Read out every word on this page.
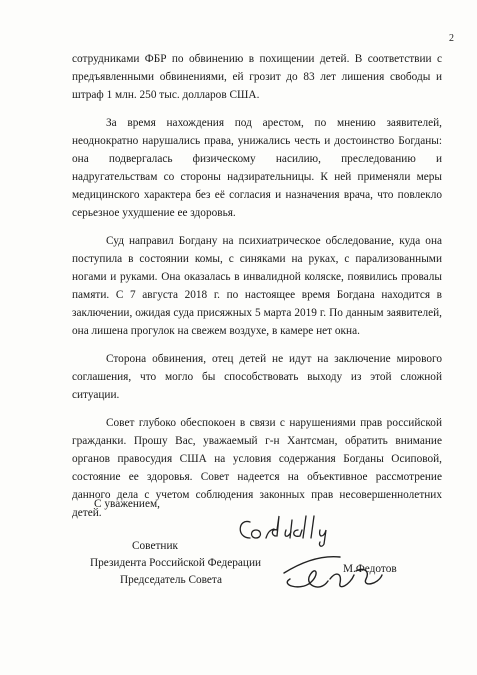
2

сотрудниками ФБР по обвинению в похищении детей. В соответствии с предъявленными обвинениями, ей грозит до 83 лет лишения свободы и штраф 1 млн. 250 тыс. долларов США.

За время нахождения под арестом, по мнению заявителей, неоднократно нарушались права, унижались честь и достоинство Богданы: она подвергалась физическому насилию, преследованию и надругательствам со стороны надзирательницы. К ней применяли меры медицинского характера без её согласия и назначения врача, что повлекло серьезное ухудшение ее здоровья.

Суд направил Богдану на психиатрическое обследование, куда она поступила в состоянии комы, с синяками на руках, с парализованными ногами и руками. Она оказалась в инвалидной коляске, появились провалы памяти. С 7 августа 2018 г. по настоящее время Богдана находится в заключении, ожидая суда присяжных 5 марта 2019 г. По данным заявителей, она лишена прогулок на свежем воздухе, в камере нет окна.

Сторона обвинения, отец детей не идут на заключение мирового соглашения, что могло бы способствовать выходу из этой сложной ситуации.

Совет глубоко обеспокоен в связи с нарушениями прав российской гражданки. Прошу Вас, уважаемый г-н Хантсман, обратить внимание органов правосудия США на условия содержания Богданы Осиповой, состояние ее здоровья. Совет надеется на объективное рассмотрение данного дела с учетом соблюдения законных прав несовершеннолетних детей.

С уважением,
Советник
Президента Российской Федерации
Председатель Совета
М.Федотов
